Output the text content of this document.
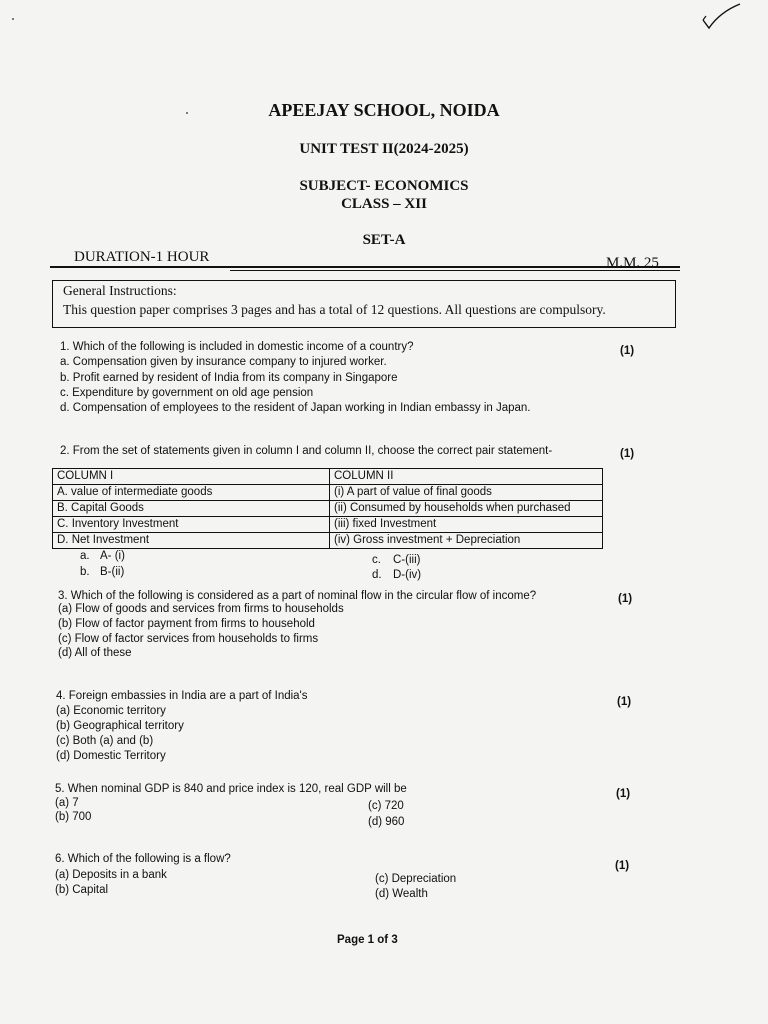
APEEJAY SCHOOL, NOIDA
UNIT TEST II(2024-2025)
SUBJECT- ECONOMICS
CLASS – XII
SET-A
DURATION-1 HOUR	M.M. 25
General Instructions:
This question paper comprises 3 pages and has a total of 12 questions. All questions are compulsory.
1. Which of the following is included in domestic income of a country?	(1)
a. Compensation given by insurance company to injured worker.
b. Profit earned by resident of India from its company in Singapore
c. Expenditure by government on old age pension
d. Compensation of employees to the resident of Japan working in Indian embassy in Japan.
2. From the set of statements given in column I and column II, choose the correct pair statement-	(1)
COLUMN I	COLUMN II
A. value of intermediate goods	(i) A part of value of final goods
B. Capital Goods	(ii) Consumed by households when purchased
C. Inventory Investment	(iii) fixed Investment
D. Net Investment	(iv) Gross investment + Depreciation
a. A- (i)
b. B-(ii)
c. C-(iii)
d. D-(iv)
3. Which of the following is considered as a part of nominal flow in the circular flow of income?	(1)
(a) Flow of goods and services from firms to households
(b) Flow of factor payment from firms to household
(c) Flow of factor services from households to firms
(d) All of these
4. Foreign embassies in India are a part of India's	(1)
(a) Economic territory
(b) Geographical territory
(c) Both (a) and (b)
(d) Domestic Territory
5. When nominal GDP is 840 and price index is 120, real GDP will be	(1)
(a) 7
(b) 700
(c) 720
(d) 960
6. Which of the following is a flow?
(1)
(a) Deposits in a bank
(b) Capital
(c) Depreciation
(d) Wealth
Page 1 of 3
